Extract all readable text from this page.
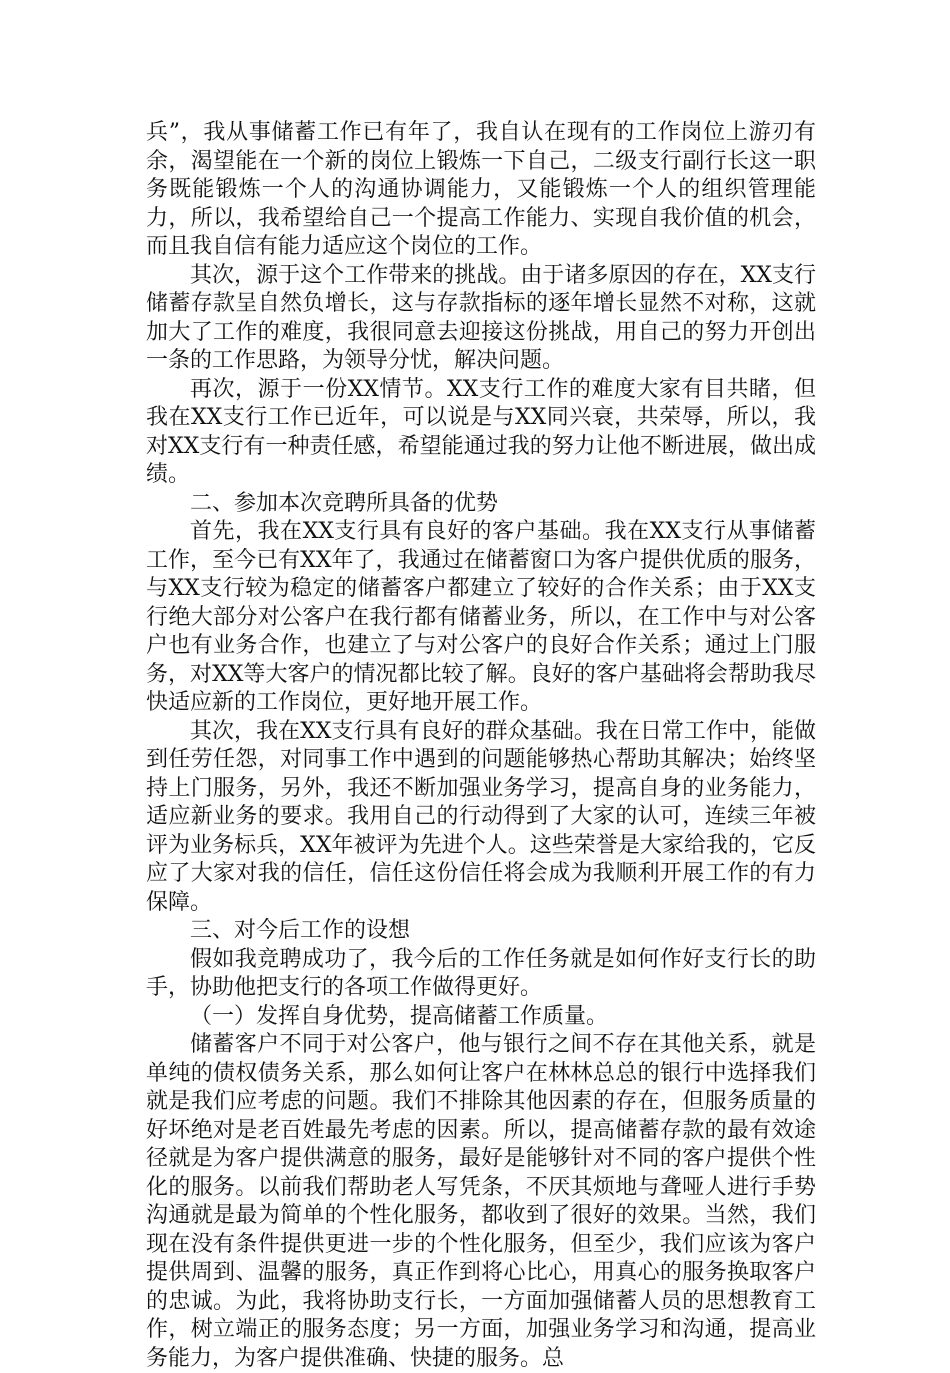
兵”，我从事储蓄工作已有年了，我自认在现有的工作岗位上游刃有余，渴望能在一个新的岗位上锻炼一下自己，二级支行副行长这一职务既能锻炼一个人的沟通协调能力，又能锻炼一个人的组织管理能力，所以，我希望给自己一个提高工作能力、实现自我价值的机会，而且我自信有能力适应这个岗位的工作。

其次，源于这个工作带来的挑战。由于诸多原因的存在，XX支行储蓄存款呈自然负增长，这与存款指标的逐年增长显然不对称，这就加大了工作的难度，我很同意去迎接这份挑战，用自己的努力开创出一条的工作思路，为领导分忧，解决问题。

再次，源于一份XX情节。XX支行工作的难度大家有目共睹，但我在XX支行工作已近年，可以说是与XX同兴衰，共荣辱，所以，我对XX支行有一种责任感，希望能通过我的努力让他不断进展，做出成绩。

二、参加本次竞聘所具备的优势

首先，我在XX支行具有良好的客户基础。我在XX支行从事储蓄工作，至今已有XX年了，我通过在储蓄窗口为客户提供优质的服务，与XX支行较为稳定的储蓄客户都建立了较好的合作关系；由于XX支行绝大部分对公客户在我行都有储蓄业务，所以，在工作中与对公客户也有业务合作，也建立了与对公客户的良好合作关系；通过上门服务，对XX等大客户的情况都比较了解。良好的客户基础将会帮助我尽快适应新的工作岗位，更好地开展工作。

其次，我在XX支行具有良好的群众基础。我在日常工作中，能做到任劳任怨，对同事工作中遇到的问题能够热心帮助其解决；始终坚持上门服务，另外，我还不断加强业务学习，提高自身的业务能力，适应新业务的要求。我用自己的行动得到了大家的认可，连续三年被评为业务标兵，XX年被评为先进个人。这些荣誉是大家给我的，它反应了大家对我的信任，信任这份信任将会成为我顺利开展工作的有力保障。

三、对今后工作的设想

假如我竞聘成功了，我今后的工作任务就是如何作好支行长的助手，协助他把支行的各项工作做得更好。

（一）发挥自身优势，提高储蓄工作质量。

储蓄客户不同于对公客户，他与银行之间不存在其他关系，就是单纯的债权债务关系，那么如何让客户在林林总总的银行中选择我们就是我们应考虑的问题。我们不排除其他因素的存在，但服务质量的好坏绝对是老百姓最先考虑的因素。所以，提高储蓄存款的最有效途径就是为客户提供满意的服务，最好是能够针对不同的客户提供个性化的服务。以前我们帮助老人写凭条，不厌其烦地与聋哑人进行手势沟通就是最为简单的个性化服务，都收到了很好的效果。当然，我们现在没有条件提供更进一步的个性化服务，但至少，我们应该为客户提供周到、温馨的服务，真正作到将心比心，用真心的服务换取客户的忠诚。为此，我将协助支行长，一方面加强储蓄人员的思想教育工作，树立端正的服务态度；另一方面，加强业务学习和沟通，提高业务能力，为客户提供准确、快捷的服务。总
